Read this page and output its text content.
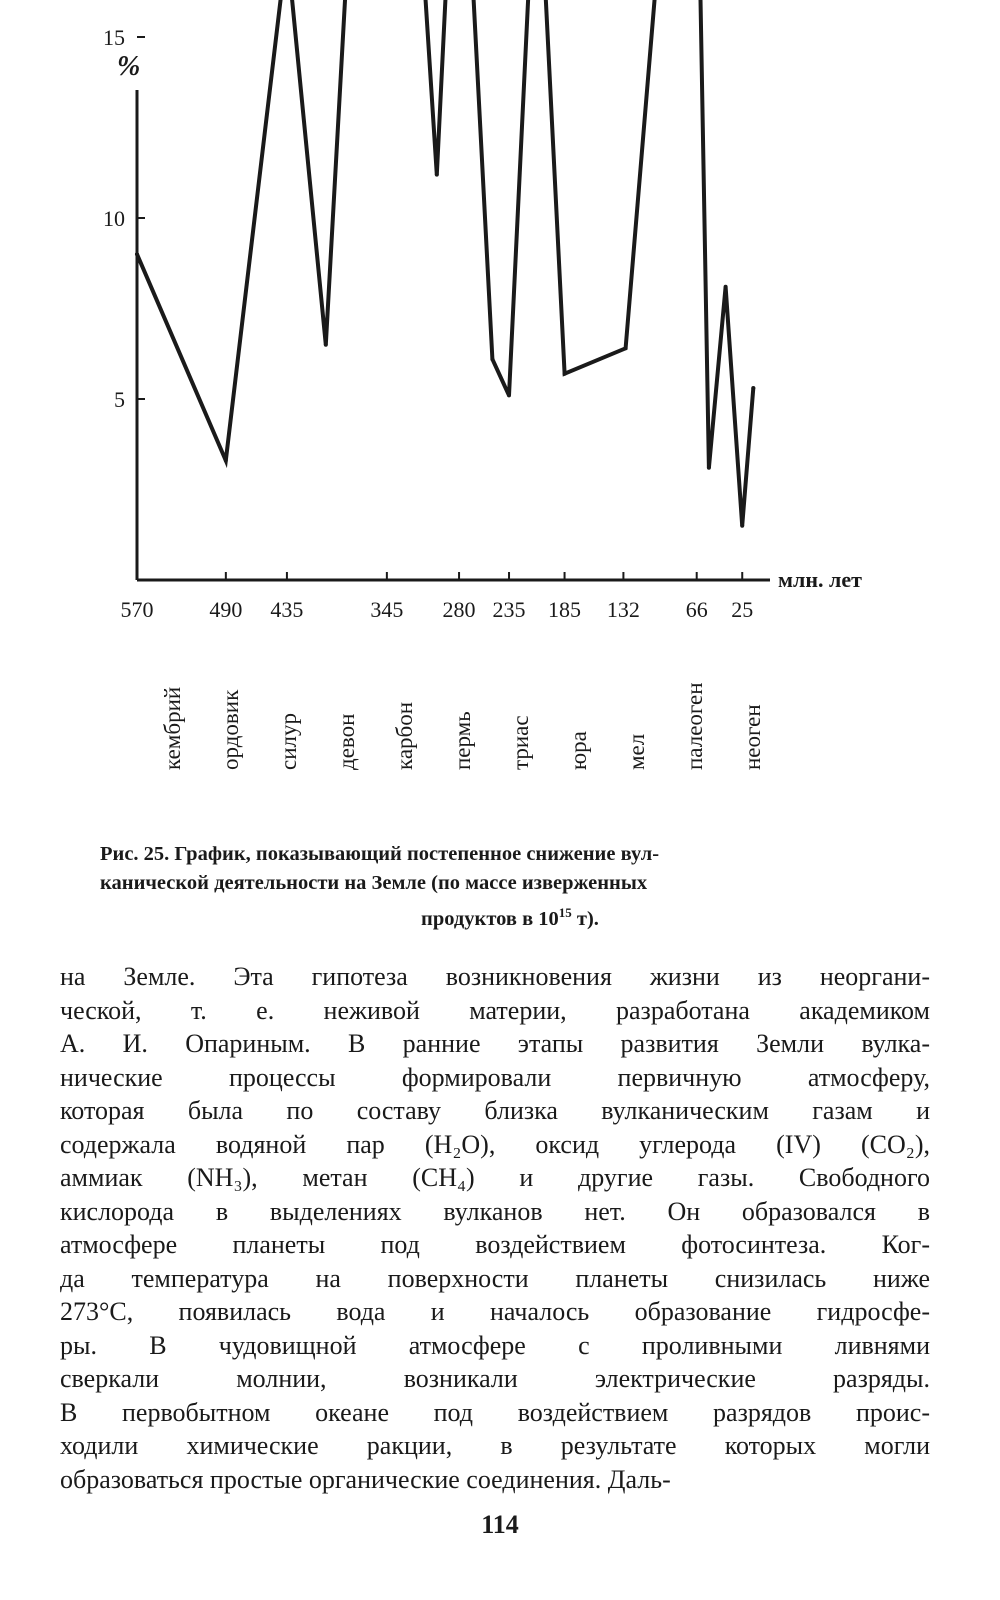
%
5
10
15
570	490 435	345 280 235 185 132 66 25
млн. лет
кембрий ордовик силур девон карбон пермь триас юра мел палеоген неоген
Рис. 25. График, показывающий постепенное снижение вул-
канической деятельности на Земле (по массе изверженных

продуктов в $10^{15}$ т).
на Земле. Эта гипотеза возникновения жизни из неоргани-
ческой, т. е. неживой материи, разработана академиком
А. И. Опариным. В ранние этапы развития Земли вулка-
нические процессы формировали первичную атмосферу,
которая была по составу близка вулканическим газам и
содержала водяной пар (H₂O), оксид углерода (IV) (CO₂),
аммиак (NH₃), метан (CH₄) и другие газы. Свободного
кислорода в выделениях вулканов нет. Он образовался в
атмосфере планеты под воздействием фотосинтеза. Ког-
да температура на поверхности планеты снизилась ниже
273°C, появилась вода и началось образование гидросфе-
ры. В чудовищной атмосфере с проливными ливнями
сверкали молнии, возникали электрические разряды.
В первобытном океане под воздействием разрядов проис-
ходили химические ракции, в результате которых могли
образоваться простые органические соединения. Даль-
114
